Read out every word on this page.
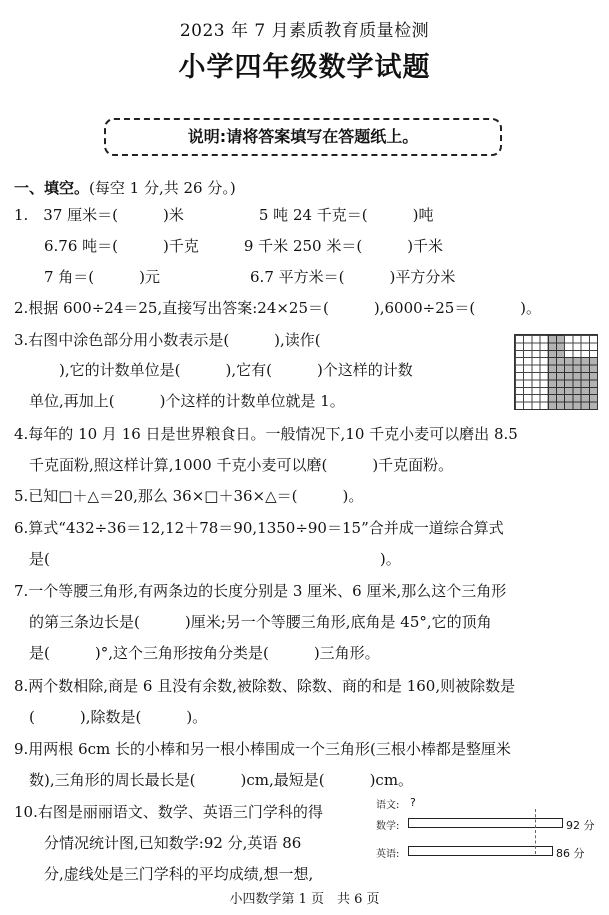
2023 年 7 月素质教育质量检测
小学四年级数学试题
说明:请将答案填写在答题纸上。
一、填空。(每空 1 分,共 26 分。)
1.　37 厘米＝(　　　)米　　　　　5 吨 24 千克＝(　　　)吨
　　6.76 吨＝(　　　)千克　　　9 千米 250 米＝(　　　)千米
　　7 角＝(　　　)元　　　　　　6.7 平方米＝(　　　)平方分米
2.根据 600÷24＝25,直接写出答案:24×25＝(　　　),6000÷25＝(　　　)。
3.右图中涂色部分用小数表示是(　　　),读作(
　　　),它的计数单位是(　　　),它有(　　　)个这样的计数
　单位,再加上(　　　)个这样的计数单位就是 1。
4.每年的 10 月 16 日是世界粮食日。一般情况下,10 千克小麦可以磨出 8.5
　千克面粉,照这样计算,1000 千克小麦可以磨(　　　)千克面粉。
5.已知□＋△＝20,那么 36×□＋36×△＝(　　　)。
6.算式“432÷36＝12,12＋78＝90,1350÷90＝15”合并成一道综合算式
　是(　　　　　　　　　　　　　　　　　　　　　　)。
7.一个等腰三角形,有两条边的长度分别是 3 厘米、6 厘米,那么这个三角形
　的第三条边长是(　　　)厘米;另一个等腰三角形,底角是 45°,它的顶角
　是(　　　)°,这个三角形按角分类是(　　　)三角形。
8.两个数相除,商是 6 且没有余数,被除数、除数、商的和是 160,则被除数是
　(　　　),除数是(　　　)。
9.用两根 6cm 长的小棒和另一根小棒围成一个三角形(三根小棒都是整厘米
　数),三角形的周长最长是(　　　)cm,最短是(　　　)cm。
10.右图是丽丽语文、数学、英语三门学科的得
　　分情况统计图,已知数学:92 分,英语 86
　　分,虚线处是三门学科的平均成绩,想一想,
语文: ?
数学:	92 分
英语:	86 分
小四数学第 1 页　共 6 页
